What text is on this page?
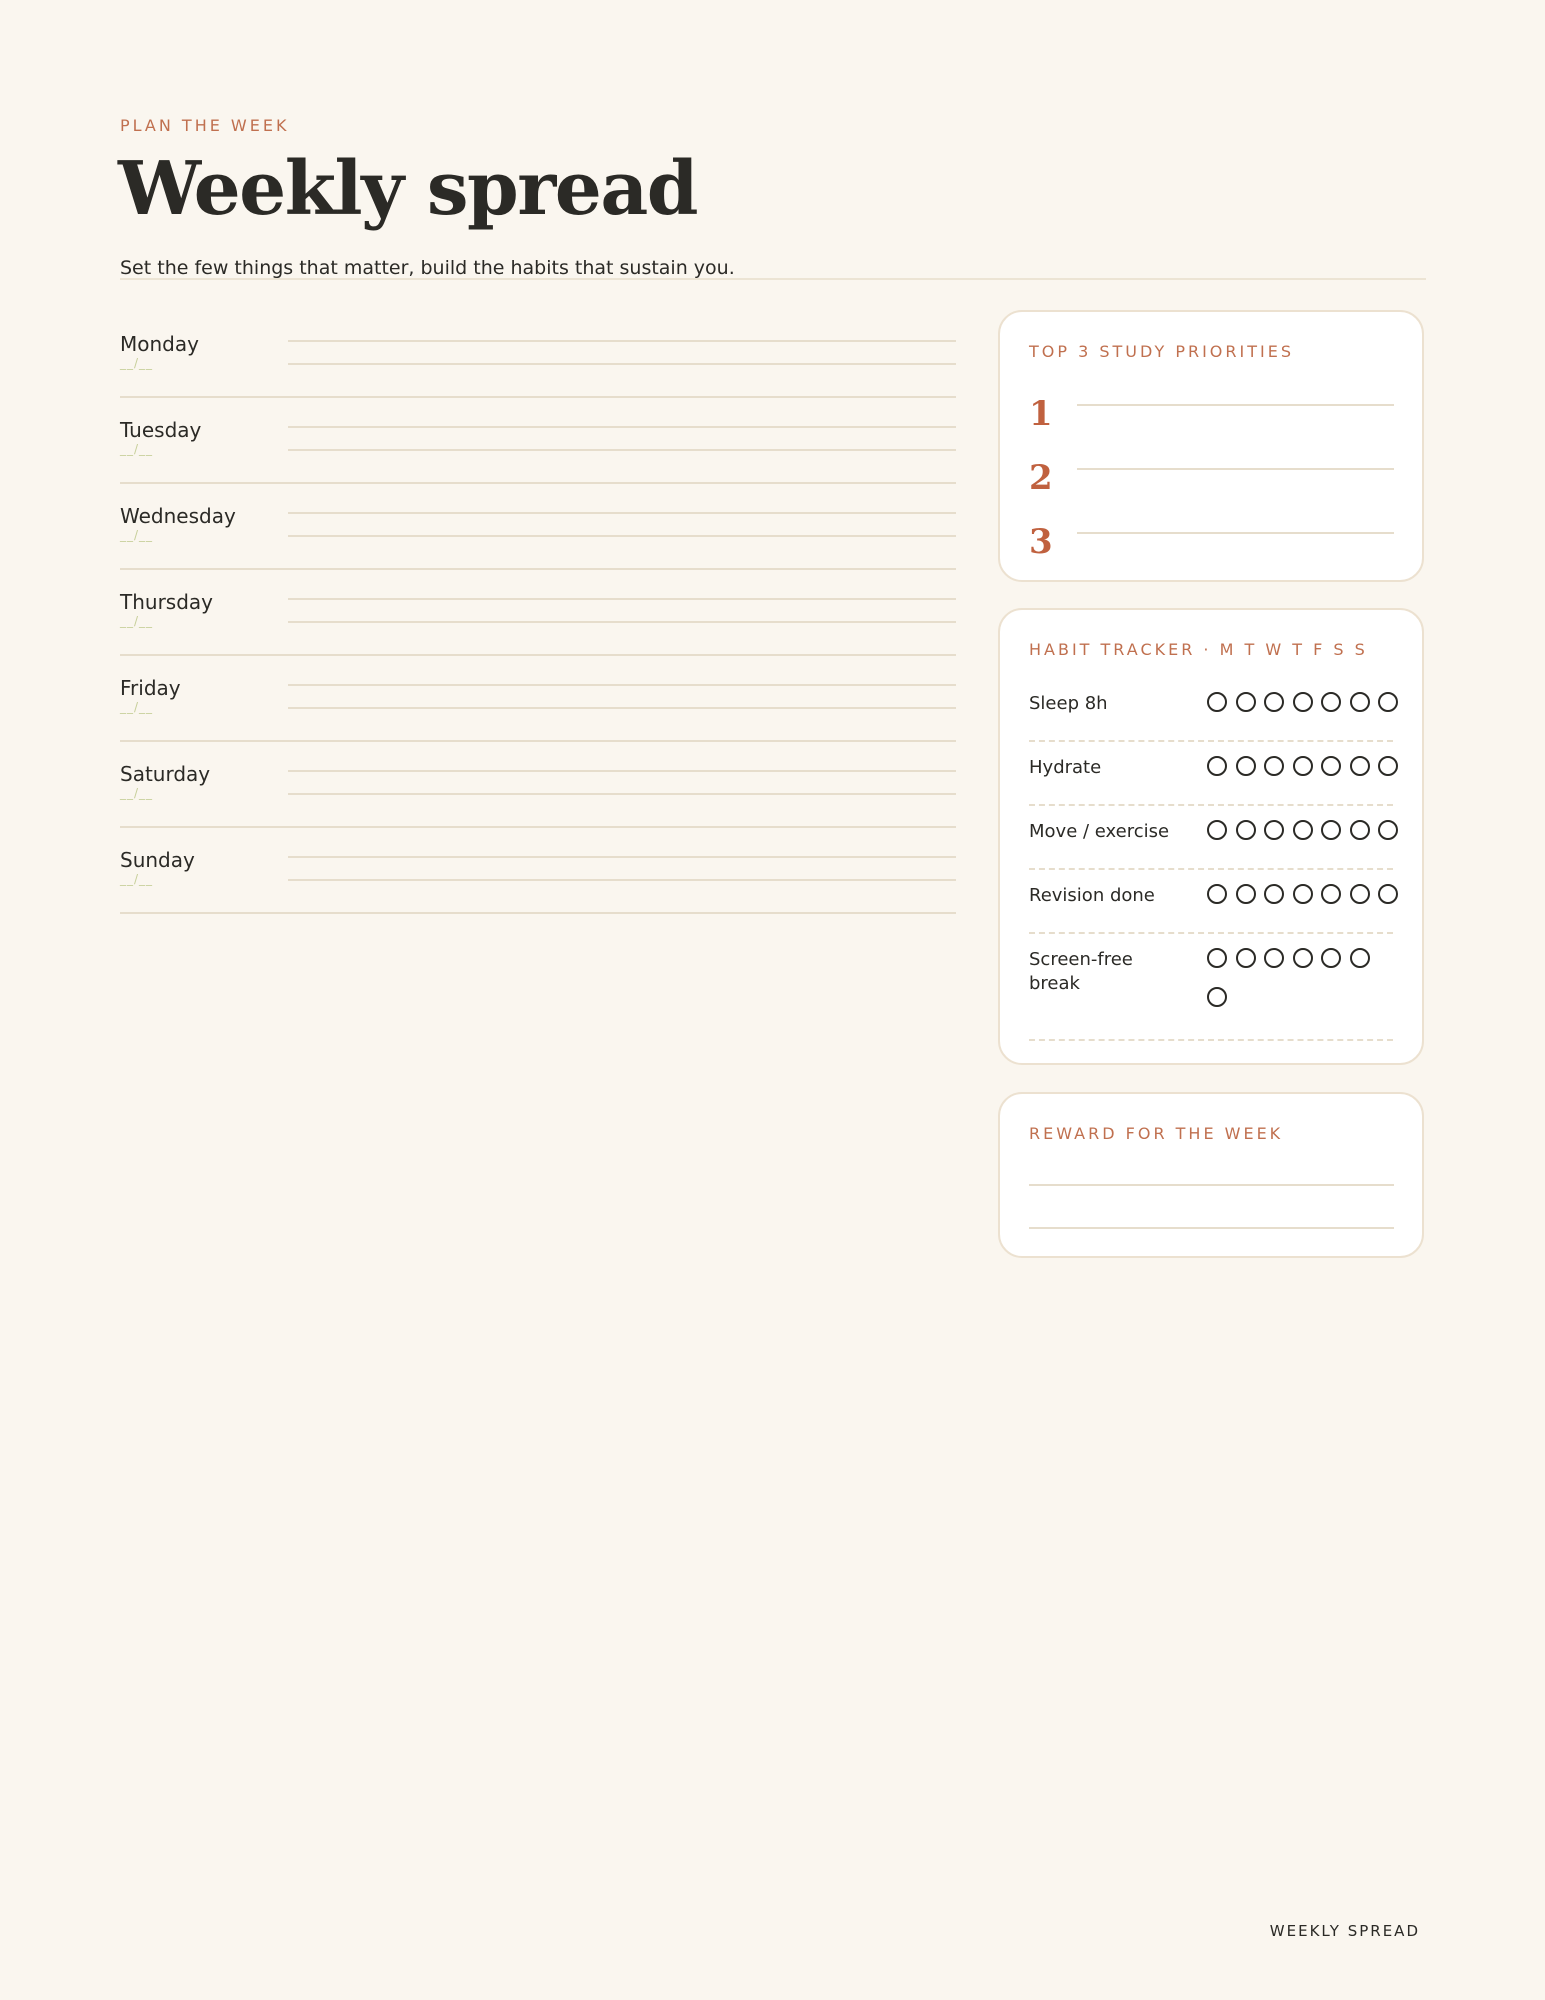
PLAN THE WEEK
Weekly spread
Set the few things that matter, build the habits that sustain you.
Monday
__/__
Tuesday
__/__
Wednesday
__/__
Thursday
__/__
Friday
__/__
Saturday
__/__
Sunday
__/__
TOP 3 STUDY PRIORITIES
1
2
3
HABIT TRACKER · M T W T F S S
Sleep 8h
Hydrate
Move / exercise
Revision done
Screen-free break
REWARD FOR THE WEEK
WEEKLY SPREAD
